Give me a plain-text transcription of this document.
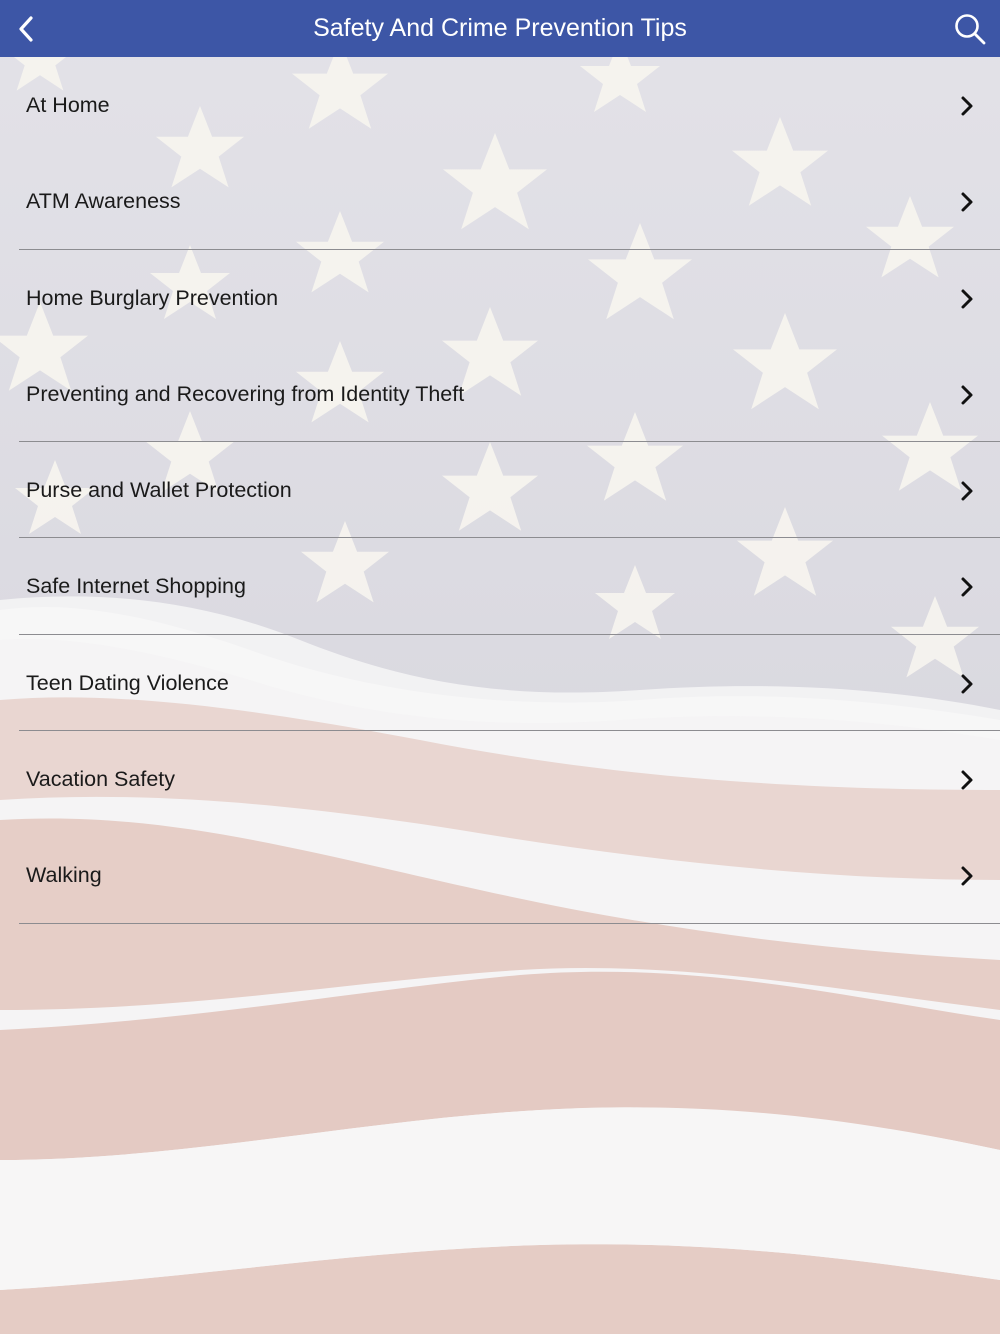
Safety And Crime Prevention Tips
At Home
ATM Awareness
Home Burglary Prevention
Preventing and Recovering from Identity Theft
Purse and Wallet Protection
Safe Internet Shopping
Teen Dating Violence
Vacation Safety
Walking
